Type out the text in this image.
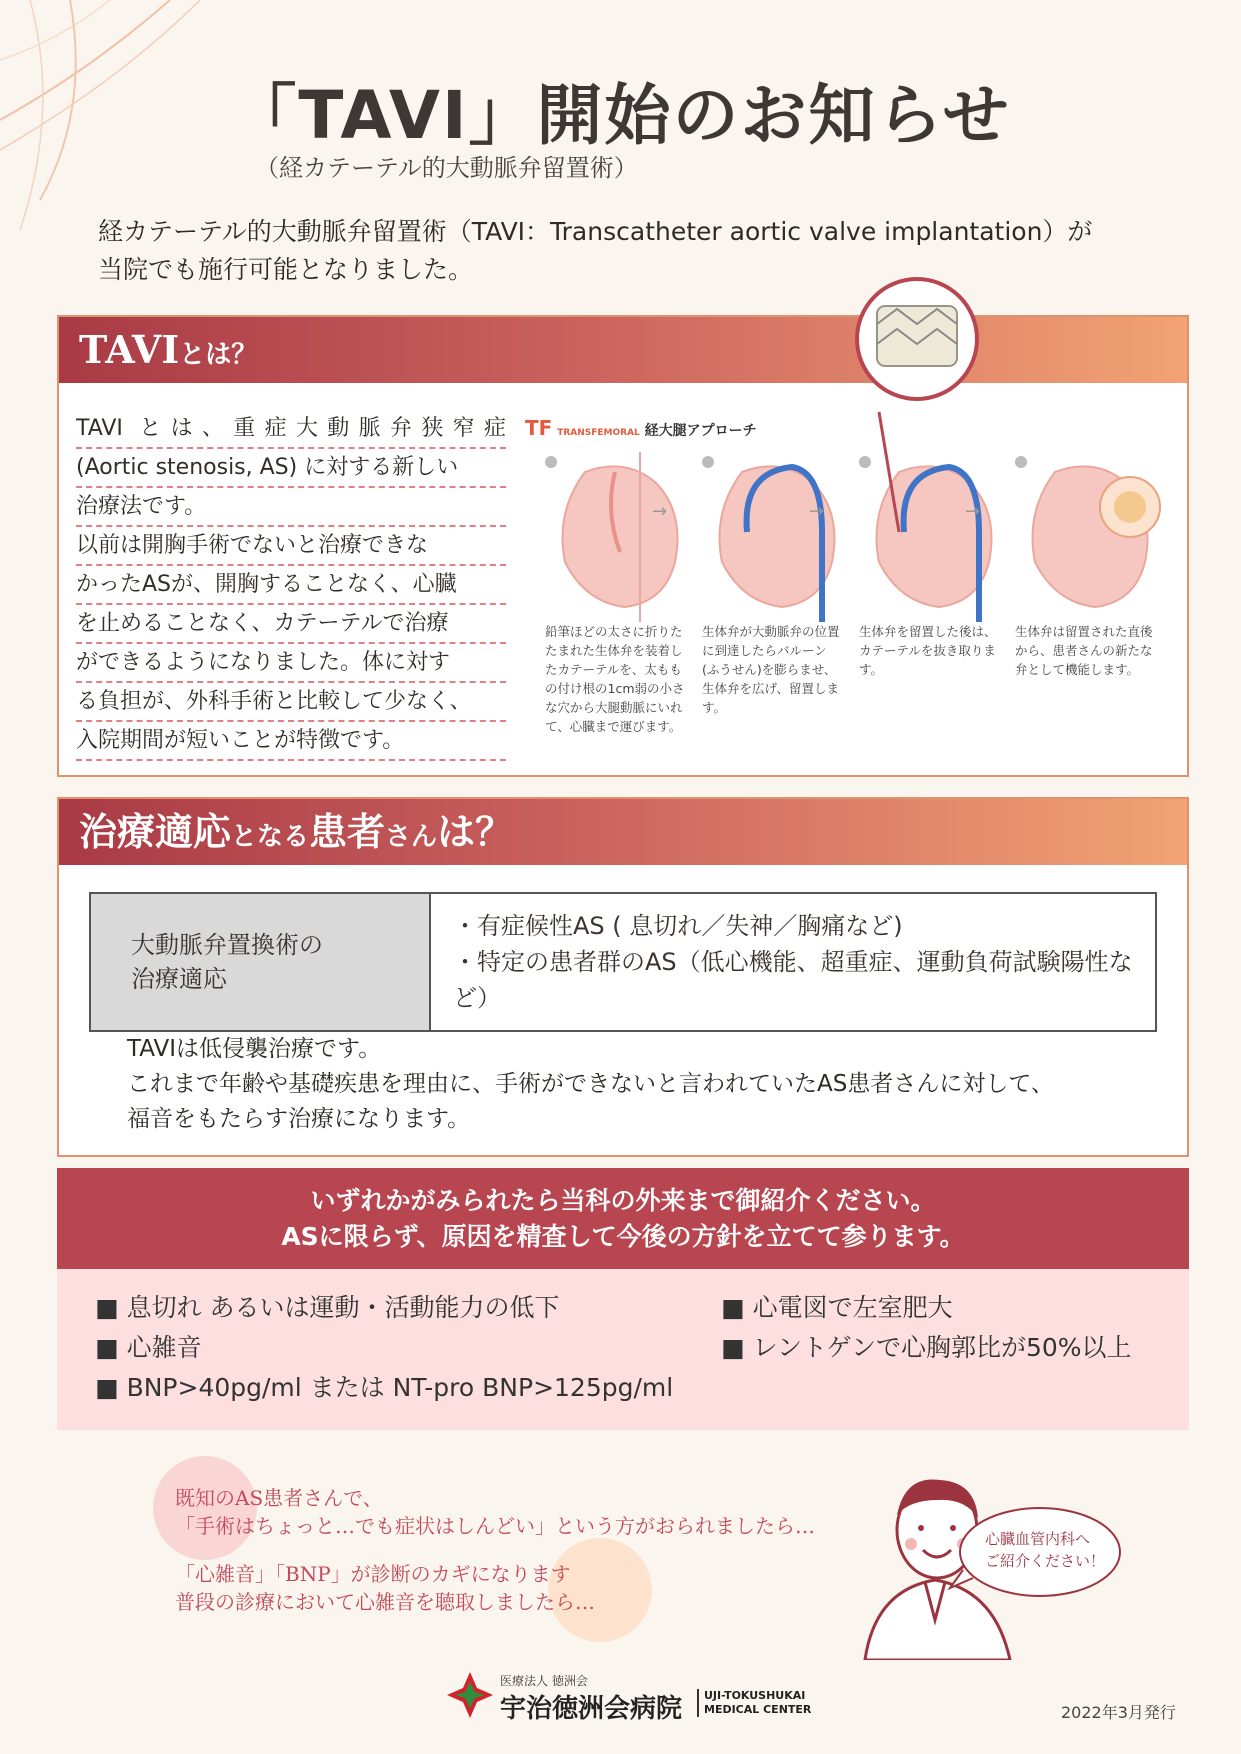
「TAVI」開始のお知らせ
（経カテーテル的大動脈弁留置術）
経カテーテル的大動脈弁留置術（TAVI：Transcatheter aortic valve implantation）が
当院でも施行可能となりました。
TAVIとは？
TAVI とは、重症大動脈弁狭窄症
(Aortic stenosis, AS) に対する新しい
治療法です。
以前は開胸手術でないと治療できな
かったASが、開胸することなく、心臓
を止めることなく、カテーテルで治療
ができるようになりました。体に対す
る負担が、外科手術と比較して少なく、
入院期間が短いことが特徴です。
TF TRANSFEMORAL 経大腿アプローチ
→	→	→
鉛筆ほどの太さに折りたたまれた生体弁を装着したカテーテルを、太ももの付け根の1cm弱の小さな穴から大腿動脈にいれて、心臓まで運びます。
生体弁が大動脈弁の位置に到達したらバルーン(ふうせん)を膨らませ、生体弁を広げ、留置します。
生体弁を留置した後は、カテーテルを抜き取ります。
生体弁は留置された直後から、患者さんの新たな弁として機能します。
治療適応となる患者さんは？
大動脈弁置換術の
治療適応

・有症候性AS ( 息切れ／失神／胸痛など)
・特定の患者群のAS（低心機能、超重症、運動負荷試験陽性など）
TAVIは低侵襲治療です。
これまで年齢や基礎疾患を理由に、手術ができないと言われていたAS患者さんに対して、
福音をもたらす治療になります。
いずれかがみられたら当科の外来まで御紹介ください。
ASに限らず、原因を精査して今後の方針を立てて参ります。
■ 息切れ あるいは運動・活動能力の低下
■ 心雑音
■ BNP>40pg/ml または NT-pro BNP>125pg/ml
■ 心電図で左室肥大
■ レントゲンで心胸郭比が50%以上
既知のAS患者さんで、
「手術はちょっと…でも症状はしんどい」という方がおられましたら…
「心雑音」「BNP」が診断のカギになります
普段の診療において心雑音を聴取しましたら…
心臓血管内科へ
ご紹介ください！
医療法人 徳洲会
宇治徳洲会病院 UJI-TOKUSHUKAI
MEDICAL CENTER	2022年3月発行
